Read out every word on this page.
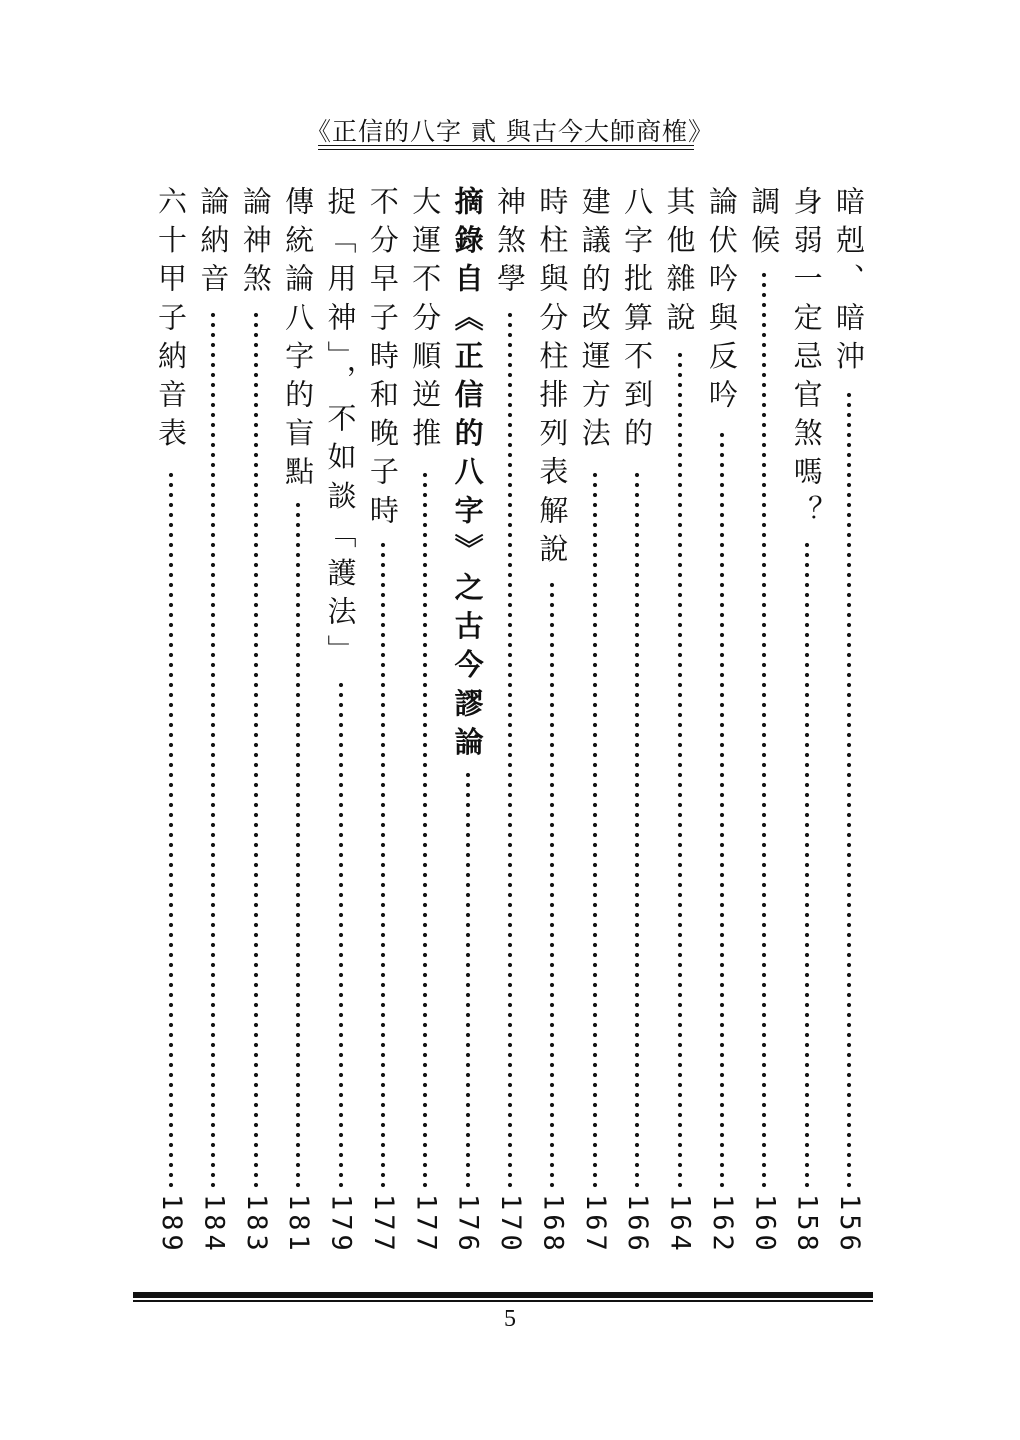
《正信的八字 貳 與古今大師商榷》
暗剋、暗沖
156
身弱一定忌官煞嗎？
158
調候
160
論伏吟與反吟
162
其他雜說
164
八字批算不到的
166
建議的改運方法
167
時柱與分柱排列表解說
168
神煞學
170
摘錄自《正信的八字》之古今謬論
176
大運不分順逆推
177
不分早子時和晚子時
177
捉「用神」，不如談「護法」
179
傳統論八字的盲點
181
論神煞
183
論納音
184
六十甲子納音表
189
5
